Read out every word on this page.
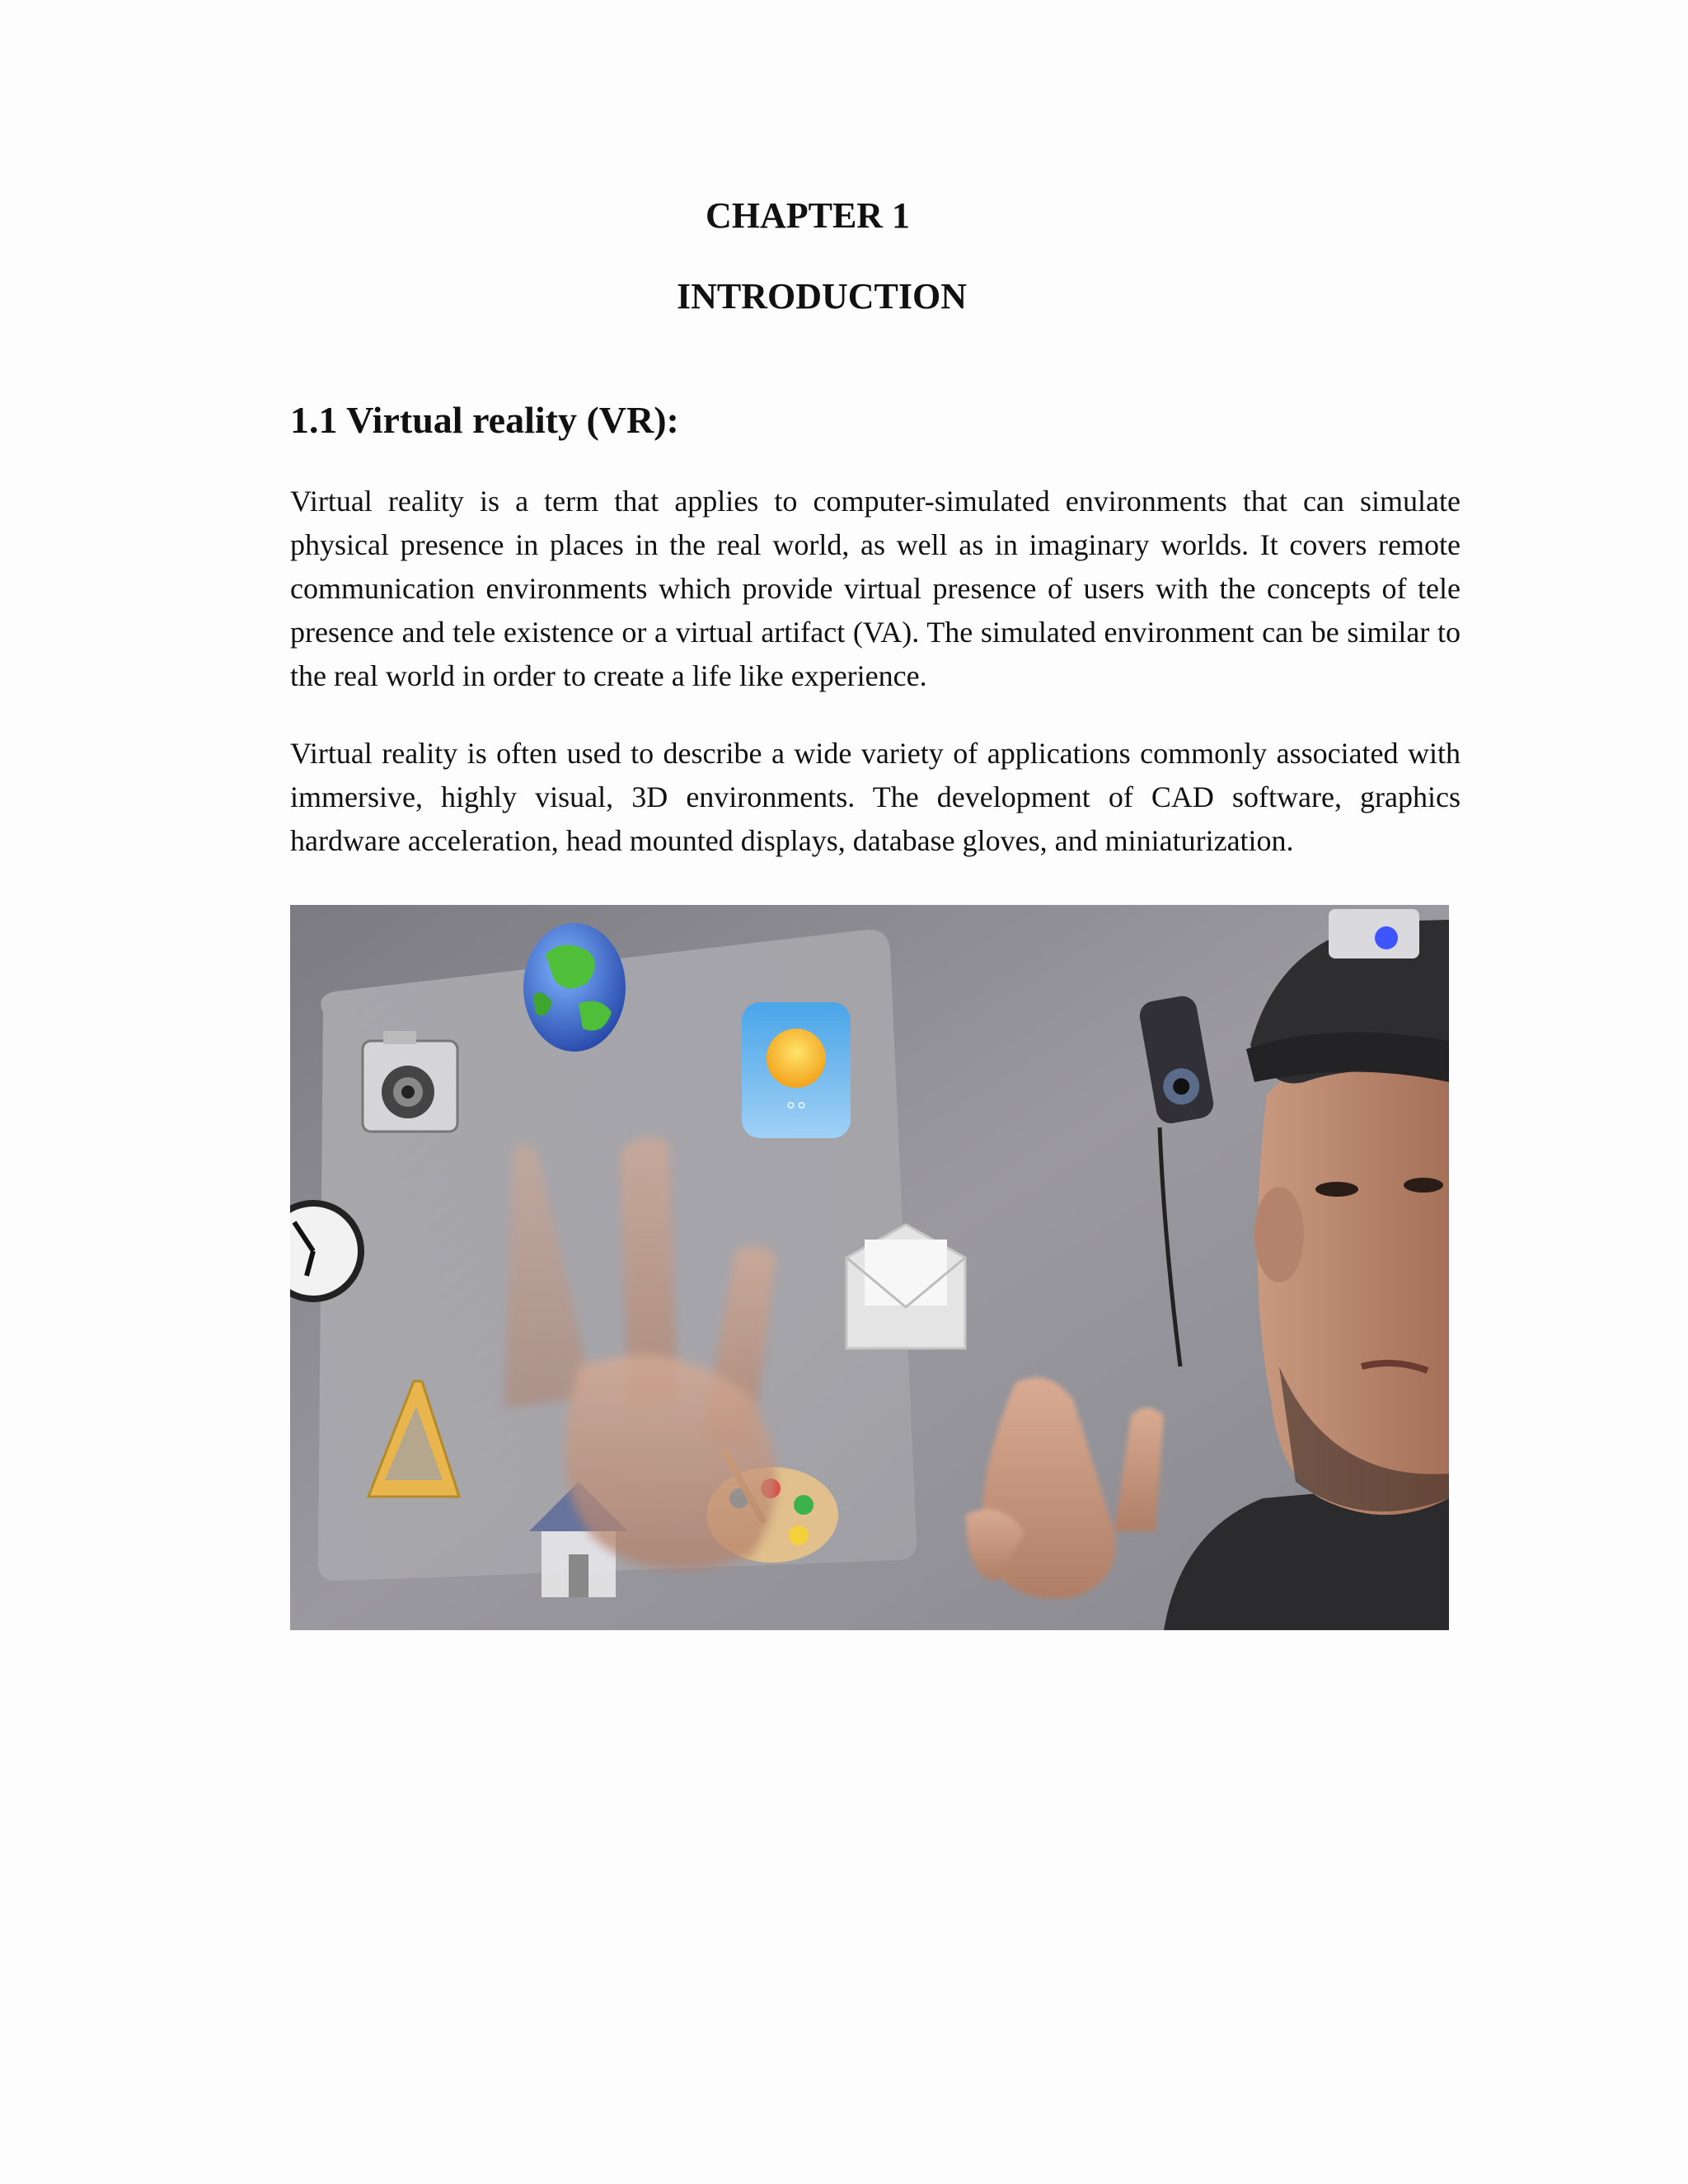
CHAPTER 1
INTRODUCTION
1.1 Virtual reality (VR):

Virtual reality is a term that applies to computer-simulated environments that can simulate physical presence in places in the real world, as well as in imaginary worlds. It covers remote communication environments which provide virtual presence of users with the concepts of tele presence and tele existence or a virtual artifact (VA). The simulated environment can be similar to the real world in order to create a life like experience.

Virtual reality is often used to describe a wide variety of applications commonly associated with immersive, highly visual, 3D environments. The development of CAD software, graphics hardware acceleration, head mounted displays, database gloves, and miniaturization.

°°
